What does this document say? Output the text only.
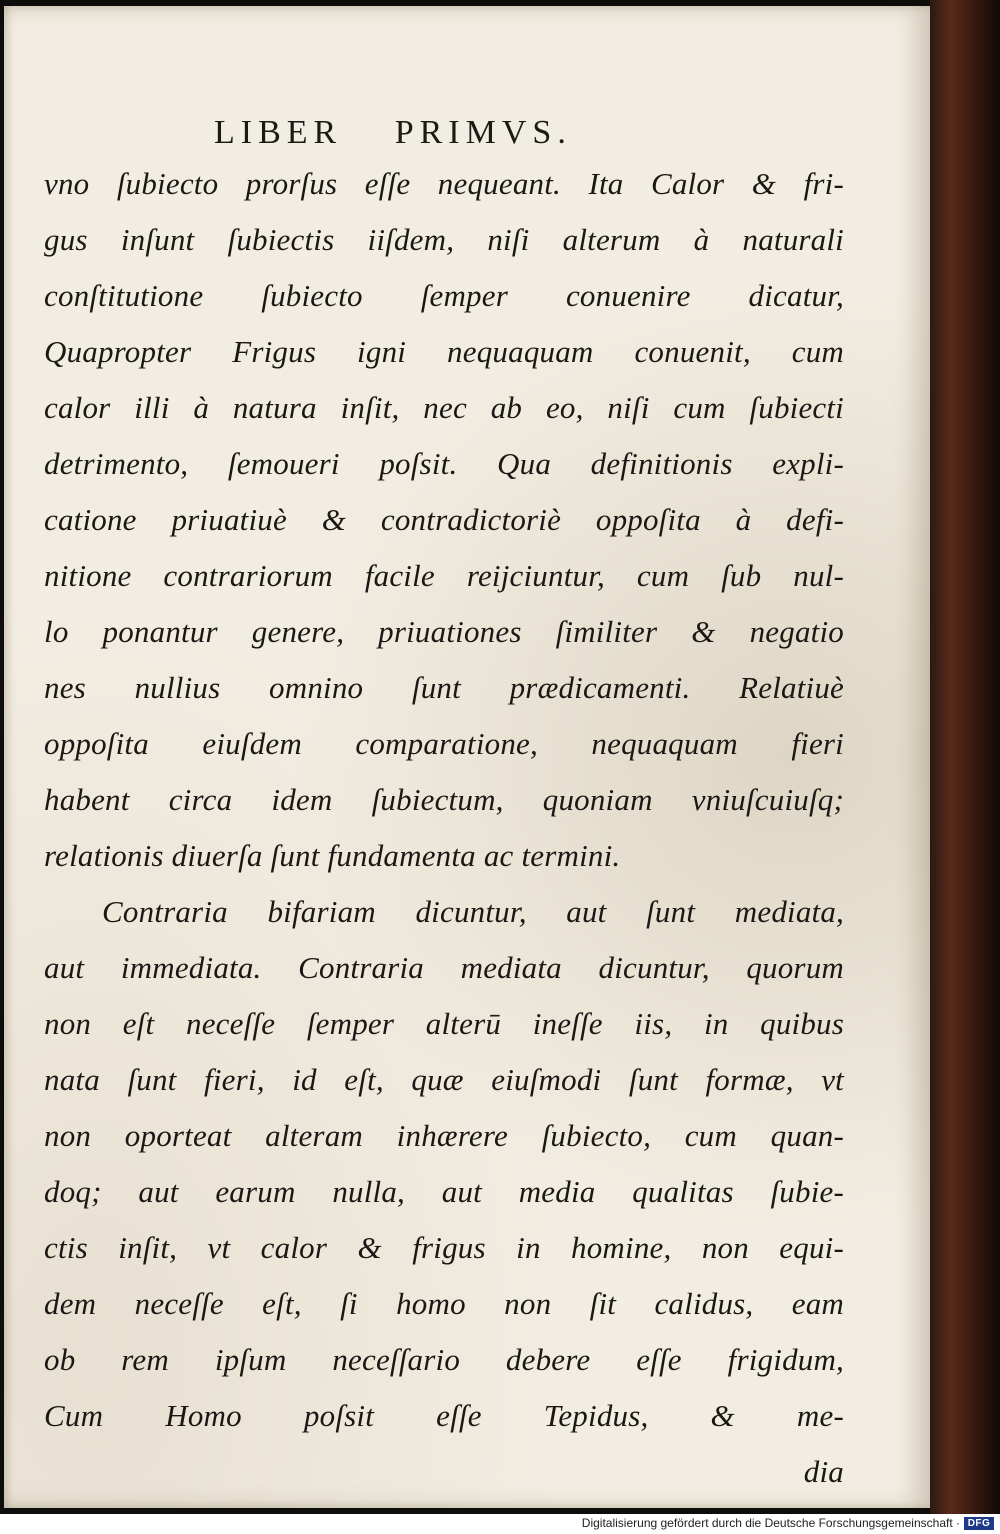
LIBER PRIMVS.
vno ſubiecto prorſus eſſe nequeant. Ita Calor & fri-
gus inſunt ſubiectis iiſdem, niſi alterum à naturali
conſtitutione ſubiecto ſemper conuenire dicatur,
Quapropter Frigus igni nequaquam conuenit, cum
calor illi à natura inſit, nec ab eo, niſi cum ſubiecti
detrimento, ſemoueri poſsit. Qua definitionis expli-
catione priuatiuè & contradictoriè oppoſita à defi-
nitione contrariorum facile reijciuntur, cum ſub nul-
lo ponantur genere, priuationes ſimiliter & negatio
nes nullius omnino ſunt prædicamenti. Relatiuè
oppoſita eiuſdem comparatione, nequaquam fieri
habent circa idem ſubiectum, quoniam vniuſcuiuſq;
relationis diuerſa ſunt fundamenta ac termini.
Contraria bifariam dicuntur, aut ſunt mediata,
aut immediata. Contraria mediata dicuntur, quorum
non eſt neceſſe ſemper alterū ineſſe iis, in quibus
nata ſunt fieri, id eſt, quæ eiuſmodi ſunt formæ, vt
non oporteat alteram inhærere ſubiecto, cum quan-
doq; aut earum nulla, aut media qualitas ſubie-
ctis inſit, vt calor & frigus in homine, non equi-
dem neceſſe eſt, ſi homo non ſit calidus, eam
ob rem ipſum neceſſario debere eſſe frigidum,
Cum Homo poſsit eſſe Tepidus, & me-
dia
Digitalisierung gefördert durch die Deutsche Forschungsgemeinschaft · DFG
